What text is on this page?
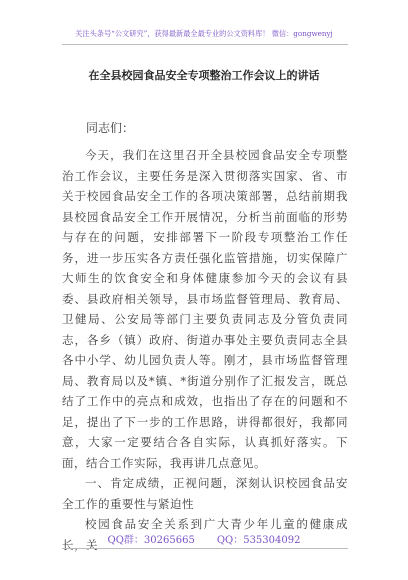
关注头条号“公文研究”，获得最新最全最专业的公文资料库！ 微信：gongwenyj
在全县校园食品安全专项整治工作会议上的讲话
同志们：

今天，我们在这里召开全县校园食品安全专项整治工作会议，主要任务是深入贯彻落实国家、省、市关于校园食品安全工作的各项决策部署，总结前期我县校园食品安全工作开展情况，分析当前面临的形势与存在的问题，安排部署下一阶段专项整治工作任务，进一步压实各方责任强化监管措施，切实保障广大师生的饮食安全和身体健康参加今天的会议有县委、县政府相关领导，县市场监督管理局、教育局、卫健局、公安局等部门主要负责同志及分管负责同志，各乡（镇）政府、街道办事处主要负责同志全县各中小学、幼儿园负责人等。刚才，县市场监督管理局、教育局以及*镇、*街道分别作了汇报发言，既总结了工作中的亮点和成效，也指出了存在的问题和不足，提出了下一步的工作思路，讲得都很好，我都同意，大家一定要结合各自实际，认真抓好落实。下面，结合工作实际，我再讲几点意见。

一、肯定成绩，正视问题，深刻认识校园食品安全工作的重要性与紧迫性

校园食品安全关系到广大青少年儿童的健康成长，关 QQ群：30265665 QQ：535304092
